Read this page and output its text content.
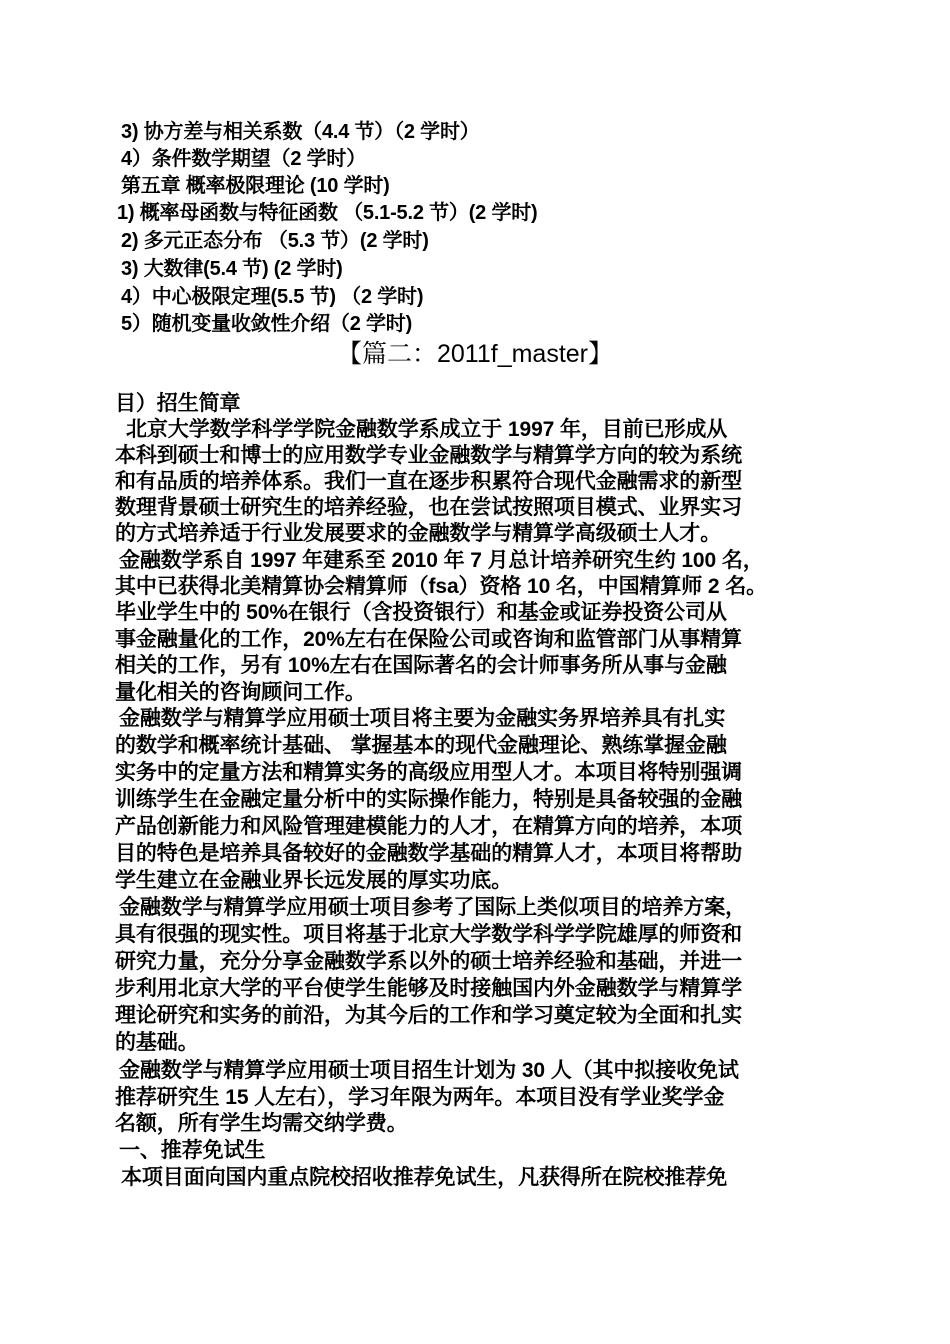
3) 协方差与相关系数（4.4 节）（2 学时）
4）条件数学期望（2 学时）
第五章 概率极限理论 (10 学时)
1) 概率母函数与特征函数 （5.1-5.2 节）(2 学时)
2) 多元正态分布 （5.3 节）(2 学时)
3) 大数律(5.4 节) (2 学时)
4）中心极限定理(5.5 节) （2 学时)
5）随机变量收敛性介绍（2 学时)
【篇二：2011f_master】
目）招生简章
北京大学数学科学学院金融数学系成立于 1997 年，目前已形成从
本科到硕士和博士的应用数学专业金融数学与精算学方向的较为系统
和有品质的培养体系。我们一直在逐步积累符合现代金融需求的新型
数理背景硕士研究生的培养经验，也在尝试按照项目模式、业界实习
的方式培养适于行业发展要求的金融数学与精算学高级硕士人才。
金融数学系自 1997 年建系至 2010 年 7 月总计培养研究生约 100 名，
其中已获得北美精算协会精算师（fsa）资格 10 名，中国精算师 2 名。
毕业学生中的 50%在银行（含投资银行）和基金或证券投资公司从
事金融量化的工作，20%左右在保险公司或咨询和监管部门从事精算
相关的工作，另有 10%左右在国际著名的会计师事务所从事与金融
量化相关的咨询顾问工作。
金融数学与精算学应用硕士项目将主要为金融实务界培养具有扎实
的数学和概率统计基础、 掌握基本的现代金融理论、熟练掌握金融
实务中的定量方法和精算实务的高级应用型人才。本项目将特别强调
训练学生在金融定量分析中的实际操作能力，特别是具备较强的金融
产品创新能力和风险管理建模能力的人才，在精算方向的培养，本项
目的特色是培养具备较好的金融数学基础的精算人才，本项目将帮助
学生建立在金融业界长远发展的厚实功底。
金融数学与精算学应用硕士项目参考了国际上类似项目的培养方案，
具有很强的现实性。项目将基于北京大学数学科学学院雄厚的师资和
研究力量，充分分享金融数学系以外的硕士培养经验和基础，并进一
步利用北京大学的平台使学生能够及时接触国内外金融数学与精算学
理论研究和实务的前沿，为其今后的工作和学习奠定较为全面和扎实
的基础。
金融数学与精算学应用硕士项目招生计划为 30 人（其中拟接收免试
推荐研究生 15 人左右），学习年限为两年。本项目没有学业奖学金
名额，所有学生均需交纳学费。
一、推荐免试生
本项目面向国内重点院校招收推荐免试生，凡获得所在院校推荐免
